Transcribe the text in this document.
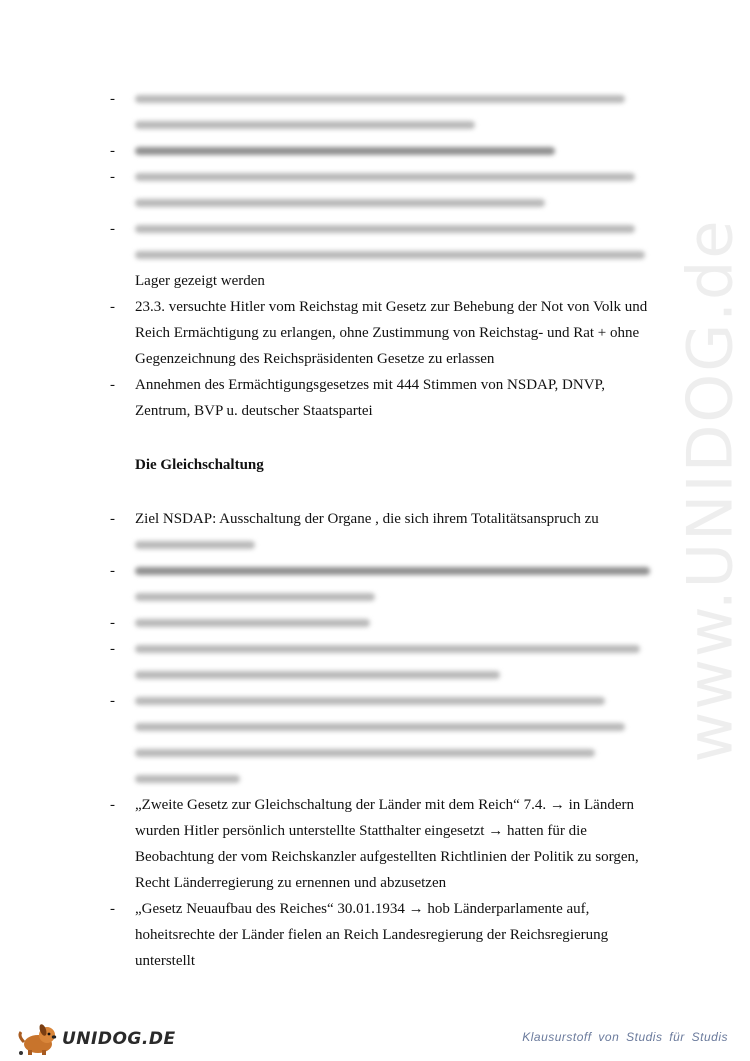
-
-
-
-
Lager gezeigt werden
- 23.3. versuchte Hitler vom Reichstag mit Gesetz zur Behebung der Not von Volk und
Reich Ermächtigung zu erlangen, ohne Zustimmung von Reichstag- und Rat + ohne
Gegenzeichnung des Reichspräsidenten Gesetze zu erlassen
- Annehmen des Ermächtigungsgesetzes mit 444 Stimmen von NSDAP, DNVP,
Zentrum, BVP u. deutscher Staatspartei
Die Gleichschaltung
- Ziel NSDAP: Ausschaltung der Organe , die sich ihrem Totalitätsanspruch zu
-
-
-
-
- „Zweite Gesetz zur Gleichschaltung der Länder mit dem Reich“ 7.4. → in Ländern
wurden Hitler persönlich unterstellte Statthalter eingesetzt → hatten für die
Beobachtung der vom Reichskanzler aufgestellten Richtlinien der Politik zu sorgen,
Recht Länderregierung zu ernennen und abzusetzen
- „Gesetz Neuaufbau des Reiches“ 30.01.1934 → hob Länderparlamente auf,
hoheitsrechte der Länder fielen an Reich Landesregierung der Reichsregierung
unterstellt
www.UNIDOG.de
UNIDOG.DE	Klausurstoff von Studis für Studis
